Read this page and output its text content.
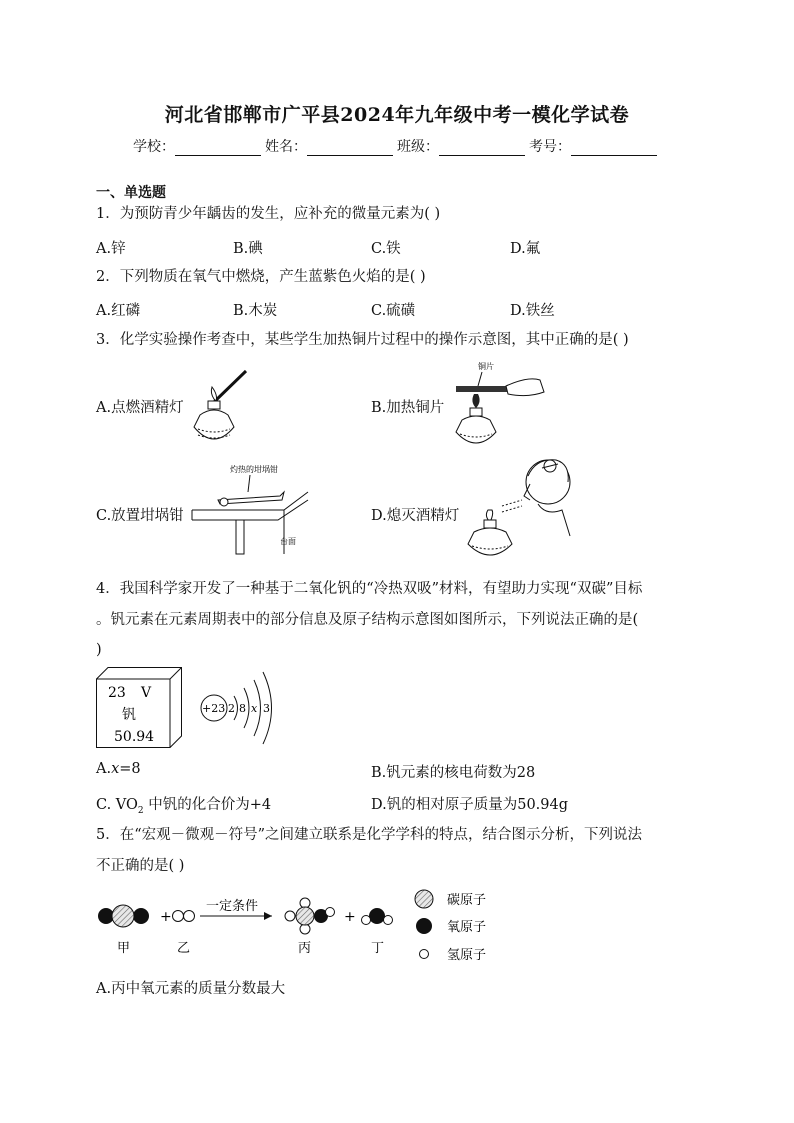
河北省邯郸市广平县2024年九年级中考一模化学试卷
学校：	姓名：	班级：	考号：
一、单选题
1．为预防青少年龋齿的发生，应补充的微量元素为( )
A.锌	B.碘	C.铁	D.氟
2．下列物质在氧气中燃烧，产生蓝紫色火焰的是( )
A.红磷	B.木炭	C.硫磺	D.铁丝
3．化学实验操作考查中，某些学生加热铜片过程中的操作示意图，其中正确的是( )
A.点燃酒精灯	B.加热铜片
铜片
C.放置坩埚钳
灼热的坩埚钳
台面
D.熄灭酒精灯
4．我国科学家开发了一种基于二氧化钒的“冷热双吸”材料，有望助力实现“双碳”目标
。钒元素在元素周期表中的部分信息及原子结构示意图如图所示，下列说法正确的是(
)
23 V
钒
50.94
+23 2 8 x 3
A.x=8	B.钒元素的核电荷数为28
C. $VO_2$ 中钒的化合价为+4	D.钒的相对原子质量为50.94g
5．在“宏观－微观－符号”之间建立联系是化学学科的特点，结合图示分析，下列说法
不正确的是( )
+
一定条件
+
甲	乙	丙	丁
碳原子
氧原子
氢原子
A.丙中氧元素的质量分数最大
